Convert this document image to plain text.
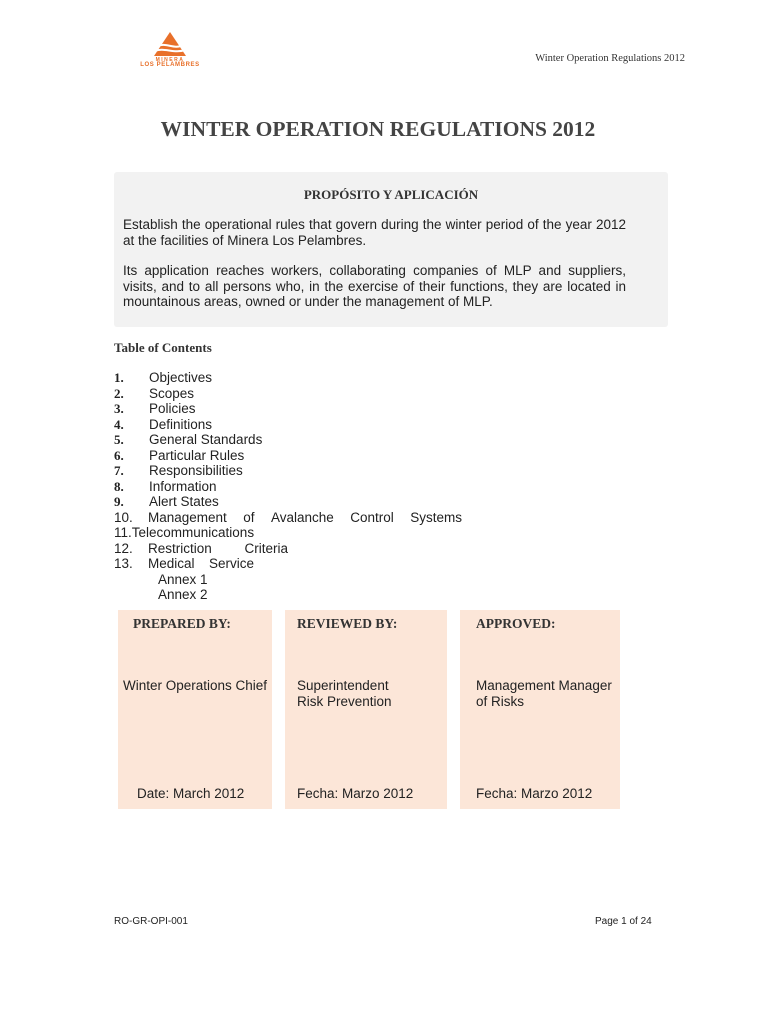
MINERA
LOS PELAMBRES
Winter Operation Regulations 2012
WINTER OPERATION REGULATIONS 2012
PROPÓSITO Y APLICACIÓN
Establish the operational rules that govern during the winter period of the year 2012 at the facilities of Minera Los Pelambres.
Its application reaches workers, collaborating companies of MLP and suppliers, visits, and to all persons who, in the exercise of their functions, they are located in mountainous areas, owned or under the management of MLP.
Table of Contents
1. Objectives
2. Scopes
3. Policies
4. Definitions
5. General Standards
6. Particular Rules
7. Responsibilities
8. Information
9. Alert States
10. Management of Avalanche Control Systems
11.Telecommunications
12. Restriction Criteria
13. Medical Service
Annex 1
Annex 2
PREPARED BY:
Winter Operations Chief
Date: March 2012
REVIEWED BY:
Superintendent
Risk Prevention
Fecha: Marzo 2012
APPROVED:
Management Manager
of Risks
Fecha: Marzo 2012
RO-GR-OPI-001	Page 1 of 24
